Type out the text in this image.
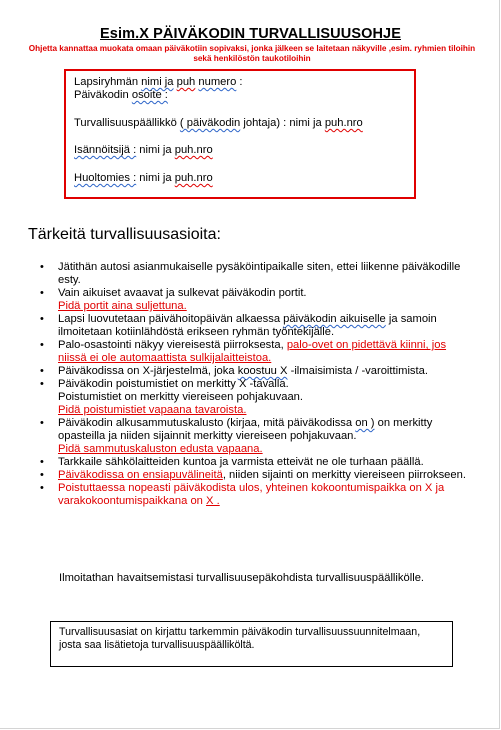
Esim.X PÄIVÄKODIN TURVALLISUUSOHJE
Ohjetta kannattaa muokata omaan päiväkotiin sopivaksi, jonka jälkeen se laitetaan näkyville ,esim. ryhmien tiloihin sekä henkilöstön taukotiloihin
Lapsiryhmän nimi ja puh numero :
Päiväkodin osoite :
Turvallisuuspäällikkö ( päiväkodin johtaja) : nimi ja puh.nro
Isännöitsijä : nimi ja puh.nro
Huoltomies : nimi ja puh.nro
Tärkeitä turvallisuusasioita:
• Jätithän autosi asianmukaiselle pysäköintipaikalle siten, ettei liikenne päiväkodille esty.
• Vain aikuiset avaavat ja sulkevat päiväkodin portit.
Pidä portit aina suljettuna.
• Lapsi luovutetaan päivähoitopäivän alkaessa päiväkodin aikuiselle ja samoin ilmoitetaan kotiinlähdöstä erikseen ryhmän työntekijälle.
• Palo-osastointi näkyy viereisestä piirroksesta, palo-ovet on pidettävä kiinni, jos niissä ei ole automaattista sulkijalaitteistoa.
• Päiväkodissa on X-järjestelmä, joka koostuu X -ilmaisimista / -varoittimista.
• Päiväkodin poistumistiet on merkitty X -tavalla.
Poistumistiet on merkitty viereiseen pohjakuvaan.
Pidä poistumistiet vapaana tavaroista.
• Päiväkodin alkusammutuskalusto (kirjaa, mitä päiväkodissa on ) on merkitty opasteilla ja niiden sijainnit merkitty viereiseen pohjakuvaan.
Pidä sammutuskaluston edusta vapaana.
• Tarkkaile sähkölaitteiden kuntoa ja varmista etteivät ne ole turhaan päällä.
• Päiväkodissa on ensiapuvälineitä, niiden sijainti on merkitty viereiseen piirrokseen.
• Poistuttaessa nopeasti päiväkodista ulos, yhteinen kokoontumispaikka on X ja varakokoontumispaikkana on X .
Ilmoitathan havaitsemistasi turvallisuusepäkohdista turvallisuuspäällikölle.
Turvallisuusasiat on kirjattu tarkemmin päiväkodin turvallisuussuunnitelmaan, josta saa lisätietoja turvallisuuspäälliköltä.
